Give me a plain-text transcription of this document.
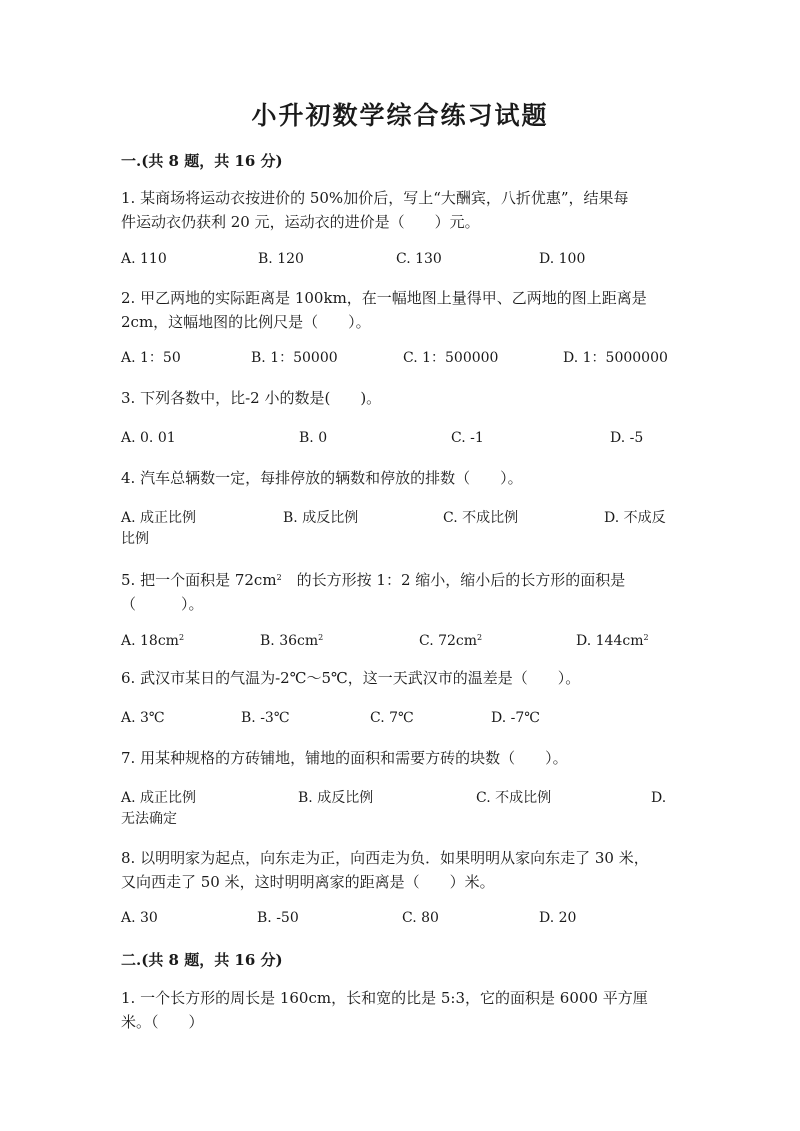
小升初数学综合练习试题
一.(共 8 题，共 16 分)
1. 某商场将运动衣按进价的 50%加价后，写上“大酬宾，八折优惠”，结果每
件运动衣仍获利 20 元，运动衣的进价是（　　）元。
A. 110	B. 120	C. 130	D. 100
2. 甲乙两地的实际距离是 100km，在一幅地图上量得甲、乙两地的图上距离是
2cm，这幅地图的比例尺是（　　）。
A. 1：50	B. 1：50000	C. 1：500000	D. 1：5000000
3. 下列各数中，比-2 小的数是(　　)。
A. 0. 01	B. 0	C. -1	D. -5
4. 汽车总辆数一定，每排停放的辆数和停放的排数（　　）。
A. 成正比例	B. 成反比例	C. 不成比例	D. 不成反
比例
5. 把一个面积是 $72cm^2$　的长方形按 1：2 缩小，缩小后的长方形的面积是
（　　　）。
A. $18cm^2$	B. $36cm^2$	C. $72cm^2$	D. $144cm^2$
6. 武汉市某日的气温为-2℃～5℃，这一天武汉市的温差是（　　）。
A. 3℃	B. -3℃	C. 7℃	D. -7℃
7. 用某种规格的方砖铺地，铺地的面积和需要方砖的块数（　　）。
A. 成正比例	B. 成反比例	C. 不成比例	D.
无法确定
8. 以明明家为起点，向东走为正，向西走为负．如果明明从家向东走了 30 米，
又向西走了 50 米，这时明明离家的距离是（　　）米。
A. 30	B. -50	C. 80	D. 20
二.(共 8 题，共 16 分)
1. 一个长方形的周长是 160cm，长和宽的比是 5:3，它的面积是 6000 平方厘
米。（　　）
